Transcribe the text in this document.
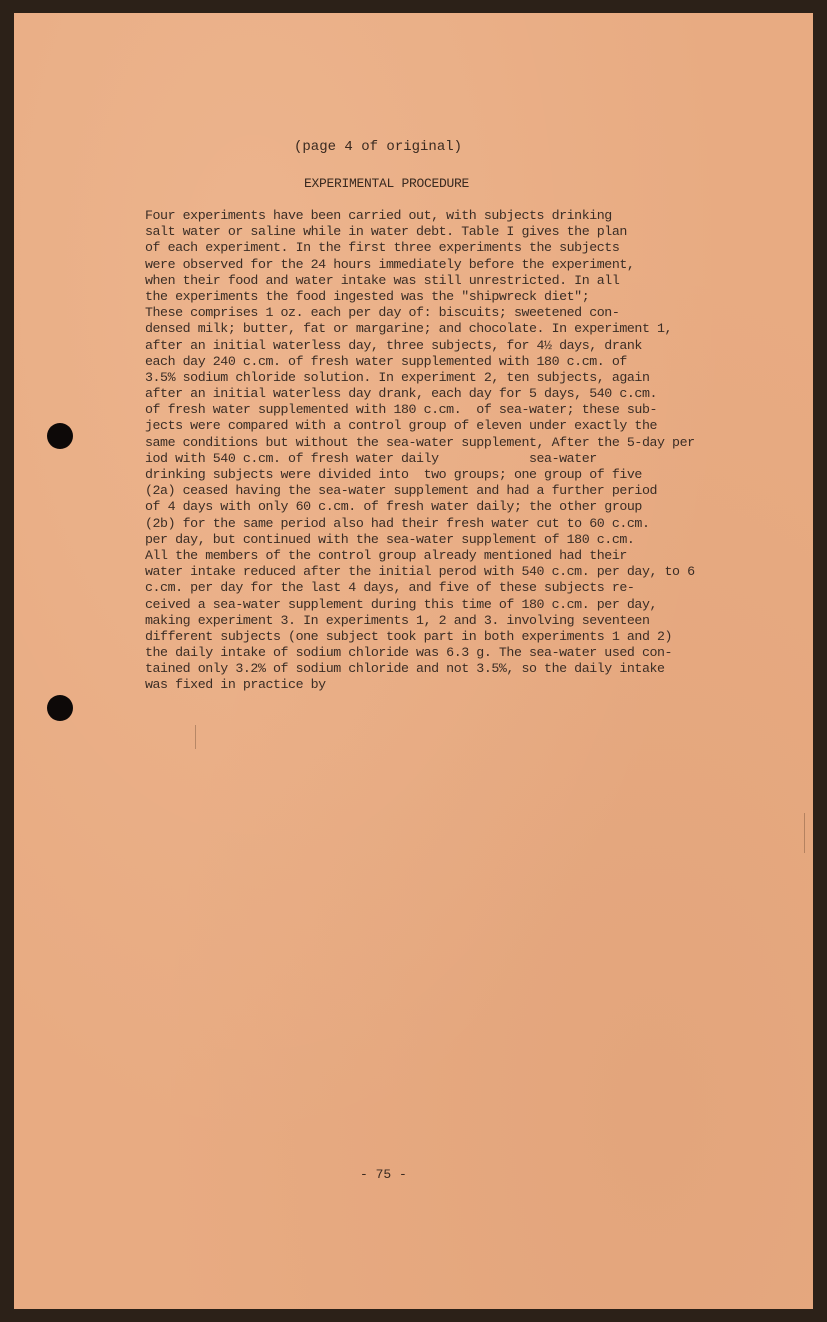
(page 4 of original)
EXPERIMENTAL PROCEDURE
Four experiments have been carried out, with subjects drinking
salt water or saline while in water debt. Table I gives the plan
of each experiment. In the first three experiments the subjects
were observed for the 24 hours immediately before the experiment,
when their food and water intake was still unrestricted. In all
the experiments the food ingested was the "shipwreck diet";
These comprises 1 oz. each per day of: biscuits; sweetened con-
densed milk; butter, fat or margarine; and chocolate. In experiment 1,
after an initial waterless day, three subjects, for 4½ days, drank
each day 240 c.cm. of fresh water supplemented with 180 c.cm. of
3.5% sodium chloride solution. In experiment 2, ten subjects, again
after an initial waterless day drank, each day for 5 days, 540 c.cm.
of fresh water supplemented with 180 c.cm.  of sea-water; these sub-
jects were compared with a control group of eleven under exactly the
same conditions but without the sea-water supplement, After the 5-day per
iod with 540 c.cm. of fresh water daily            sea-water
drinking subjects were divided into  two groups; one group of five
(2a) ceased having the sea-water supplement and had a further period
of 4 days with only 60 c.cm. of fresh water daily; the other group
(2b) for the same period also had their fresh water cut to 60 c.cm.
per day, but continued with the sea-water supplement of 180 c.cm.
All the members of the control group already mentioned had their
water intake reduced after the initial perod with 540 c.cm. per day, to 6
c.cm. per day for the last 4 days, and five of these subjects re-
ceived a sea-water supplement during this time of 180 c.cm. per day,
making experiment 3. In experiments 1, 2 and 3. involving seventeen
different subjects (one subject took part in both experiments 1 and 2)
the daily intake of sodium chloride was 6.3 g. The sea-water used con-
tained only 3.2% of sodium chloride and not 3.5%, so the daily intake
was fixed in practice by
- 75 -
